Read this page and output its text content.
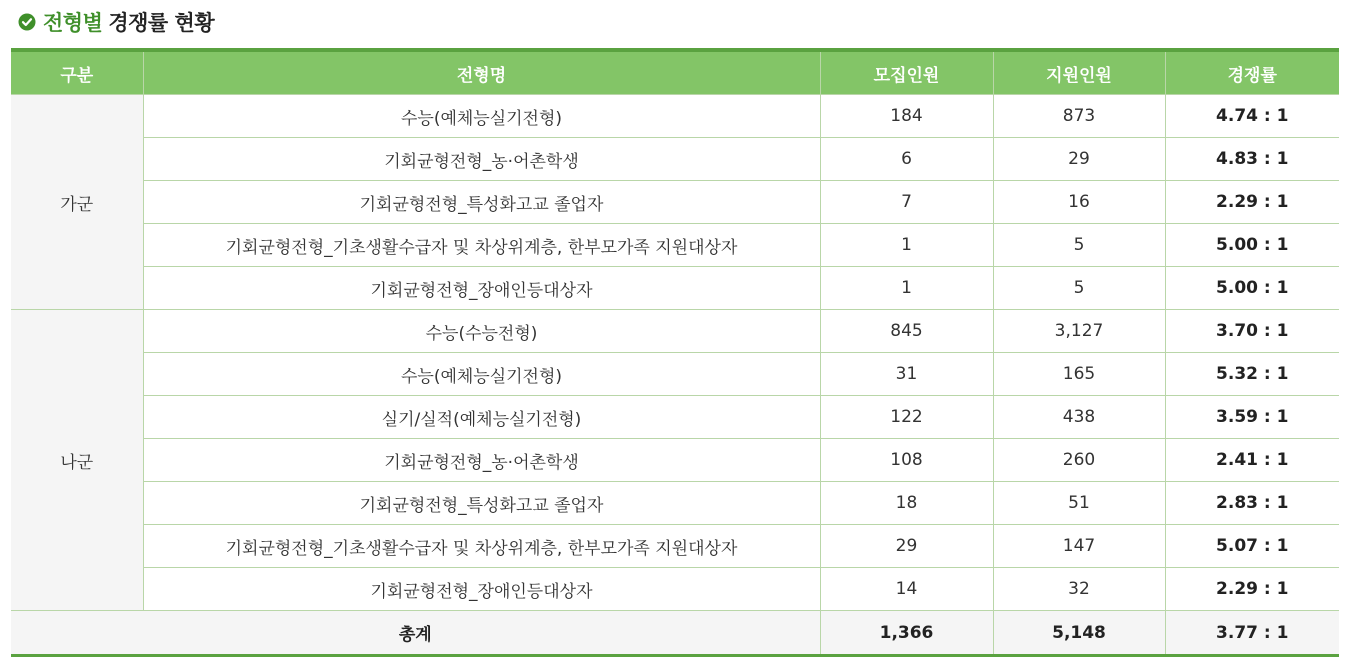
전형별 경쟁률 현황
구분	전형명	모집인원	지원인원	경쟁률
가군	수능(예체능실기전형)	184	873	4.74 : 1
	기회균형전형_농·어촌학생	6	29	4.83 : 1
	기회균형전형_특성화고교 졸업자	7	16	2.29 : 1
	기회균형전형_기초생활수급자 및 차상위계층, 한부모가족 지원대상자	1	5	5.00 : 1
	기회균형전형_장애인등대상자	1	5	5.00 : 1
나군	수능(수능전형)	845	3,127	3.70 : 1
	수능(예체능실기전형)	31	165	5.32 : 1
	실기/실적(예체능실기전형)	122	438	3.59 : 1
	기회균형전형_농·어촌학생	108	260	2.41 : 1
	기회균형전형_특성화고교 졸업자	18	51	2.83 : 1
	기회균형전형_기초생활수급자 및 차상위계층, 한부모가족 지원대상자	29	147	5.07 : 1
	기회균형전형_장애인등대상자	14	32	2.29 : 1
총계		1,366	5,148	3.77 : 1
